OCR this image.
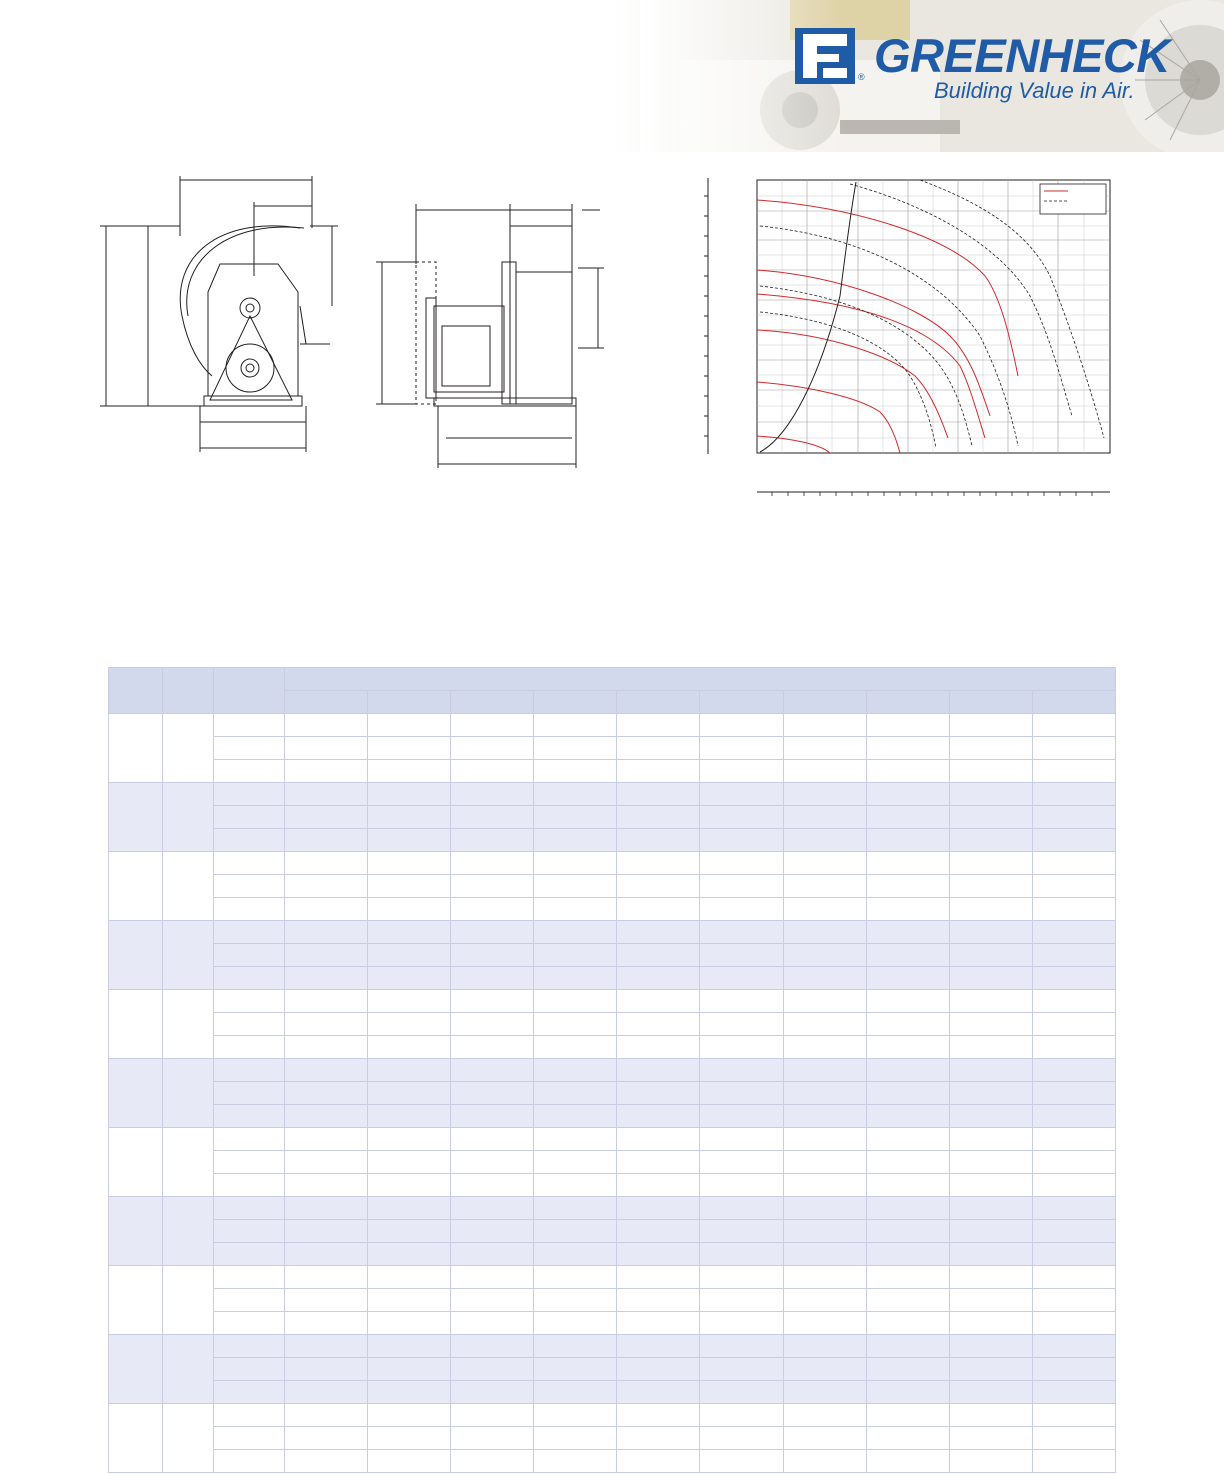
® GREENHECK
Building Value in Air.
